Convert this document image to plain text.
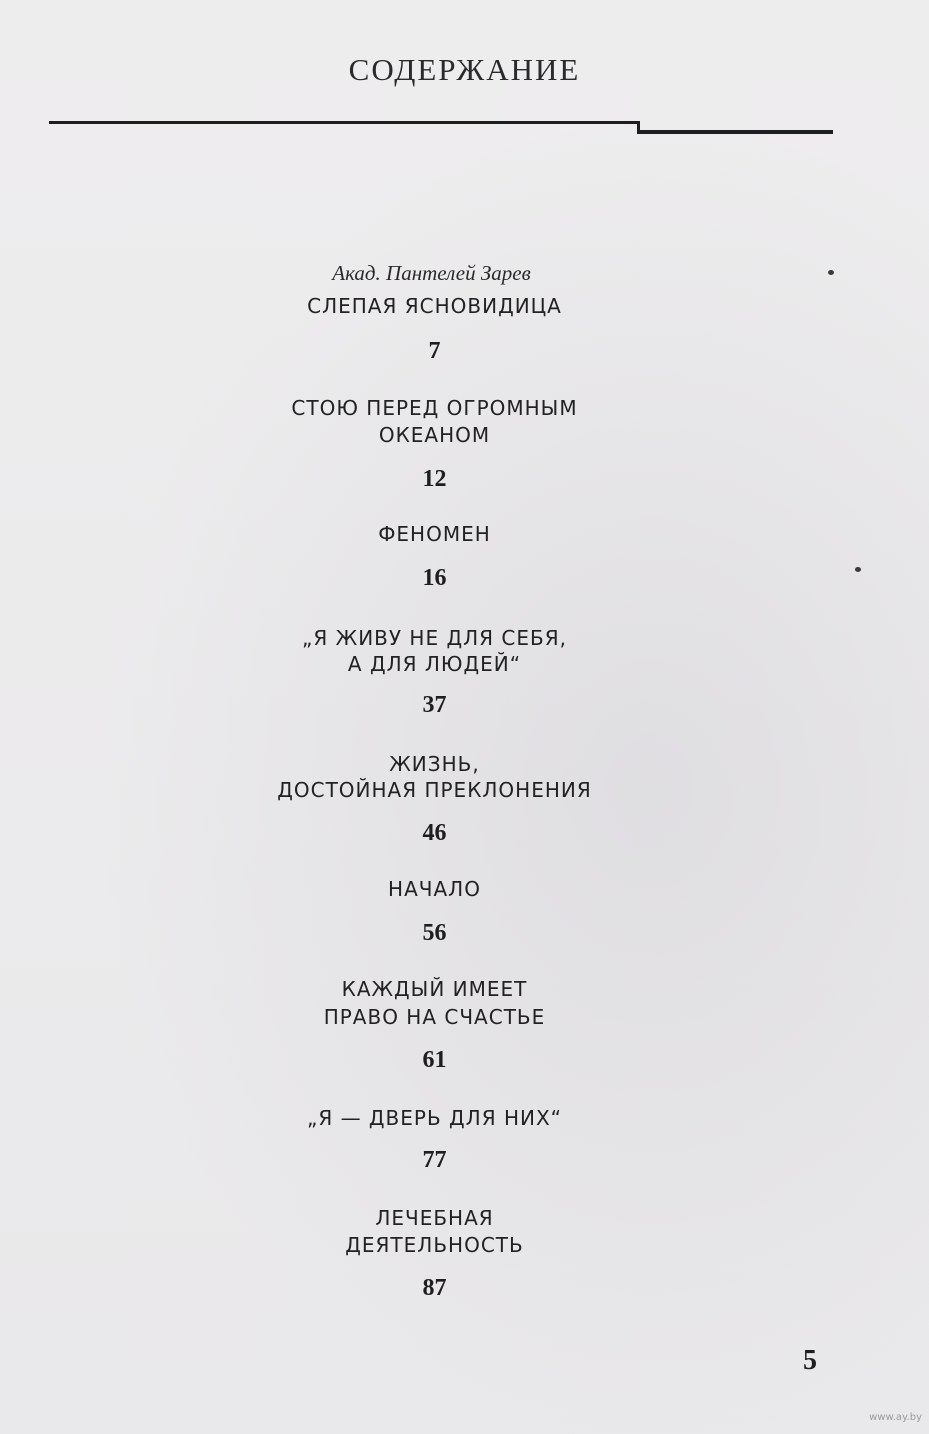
СОДЕРЖАНИЕ
Акад. Пантелей Зарев
СЛЕПАЯ ЯСНОВИДИЦА
7
СТОЮ ПЕРЕД ОГРОМНЫМ
ОКЕАНОМ
12
ФЕНОМЕН
16
„Я ЖИВУ НЕ ДЛЯ СЕБЯ,
А ДЛЯ ЛЮДЕЙ“
37
ЖИЗНЬ,
ДОСТОЙНАЯ ПРЕКЛОНЕНИЯ
46
НАЧАЛО
56
КАЖДЫЙ ИМЕЕТ
ПРАВО НА СЧАСТЬЕ
61
„Я — ДВЕРЬ ДЛЯ НИХ“
77
ЛЕЧЕБНАЯ
ДЕЯТЕЛЬНОСТЬ
87
5
www.ay.by
